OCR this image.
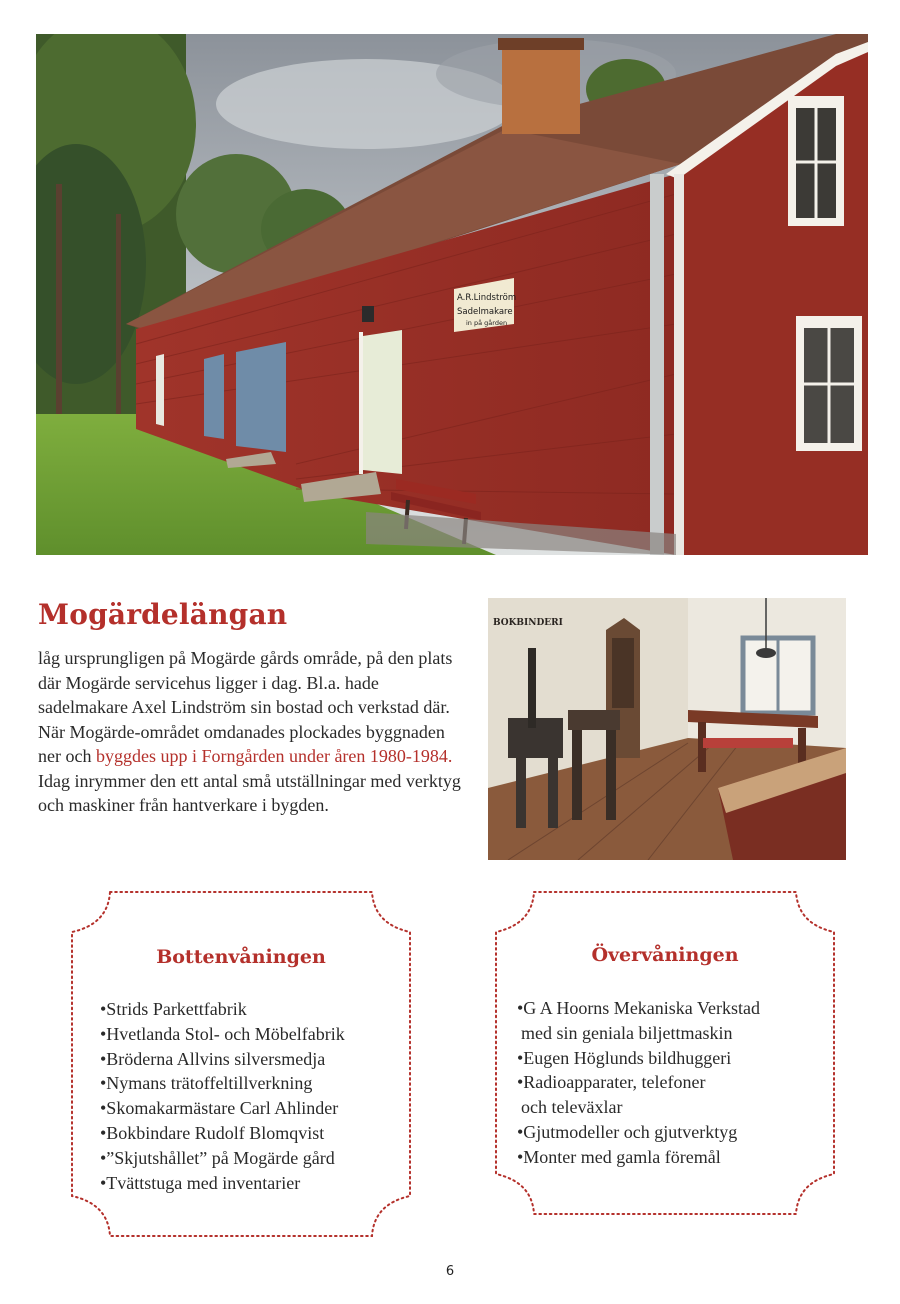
A.R.Lindström
Sadelmakare
in på gården
Mogärdelängan

låg ursprungligen på Mogärde gårds område, på den plats där Mogärde servicehus ligger i dag. Bl.a. hade sadelmakare Axel Lindström sin bostad och verkstad där. När Mogärde-området omdanades plockades byggnaden ner och byggdes upp i Forngården under åren 1980-1984. Idag inrymmer den ett antal små utställningar med verktyg och maskiner från hantverkare i bygden.

BOKBINDERI
Bottenvåningen
•Strids Parkettfabrik
•Hvetlanda Stol- och Möbelfabrik
•Bröderna Allvins silversmedja
•Nymans trätoffeltillverkning
•Skomakarmästare Carl Ahlinder
•Bokbindare Rudolf Blomqvist
•”Skjutshållet” på Mogärde gård
•Tvättstuga med inventarier
Övervåningen
•G A Hoorns Mekaniska Verkstad
med sin geniala biljettmaskin
•Eugen Höglunds bildhuggeri
•Radioapparater, telefoner
och televäxlar
•Gjutmodeller och gjutverktyg
•Monter med gamla föremål
6
